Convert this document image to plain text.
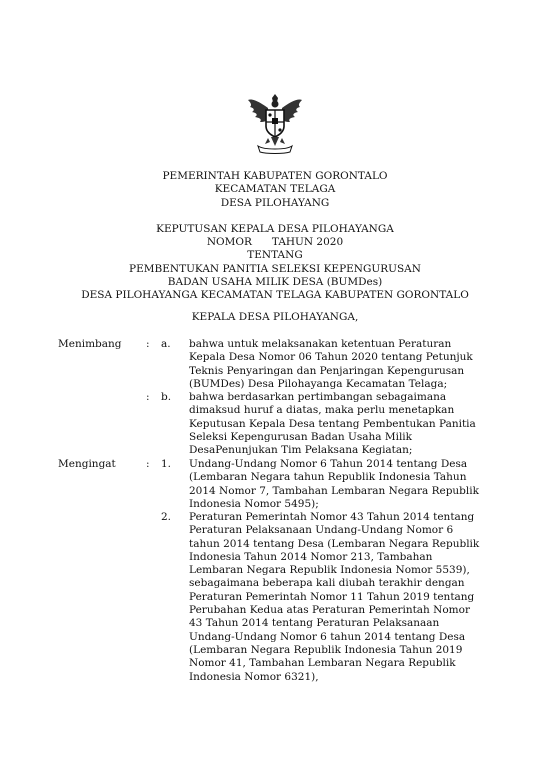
PEMERINTAH KABUPATEN GORONTALO
KECAMATAN TELAGA
DESA PILOHAYANG
KEPUTUSAN KEPALA DESA PILOHAYANGA
NOMOR TAHUN 2020
TENTANG
PEMBENTUKAN PANITIA SELEKSI KEPENGURUSAN
BADAN USAHA MILIK DESA (BUMDes)
DESA PILOHAYANGA KECAMATAN TELAGA KABUPATEN GORONTALO
KEPALA DESA PILOHAYANGA,
Menimbang : a. bahwa untuk melaksanakan ketentuan Peraturan
Kepala Desa Nomor 06 Tahun 2020 tentang Petunjuk
Teknis Penyaringan dan Penjaringan Kepengurusan
(BUMDes) Desa Pilohayanga Kecamatan Telaga;
: b. bahwa berdasarkan pertimbangan sebagaimana
dimaksud huruf a diatas, maka perlu menetapkan
Keputusan Kepala Desa tentang Pembentukan Panitia
Seleksi Kepengurusan Badan Usaha Milik
DesaPenunjukan Tim Pelaksana Kegiatan;
Mengingat	: 1. Undang-Undang Nomor 6 Tahun 2014 tentang Desa
(Lembaran Negara tahun Republik Indonesia Tahun
2014 Nomor 7, Tambahan Lembaran Negara Republik
Indonesia Nomor 5495);
2. Peraturan Pemerintah Nomor 43 Tahun 2014 tentang
Peraturan Pelaksanaan Undang-Undang Nomor 6
tahun 2014 tentang Desa (Lembaran Negara Republik
Indonesia Tahun 2014 Nomor 213, Tambahan
Lembaran Negara Republik Indonesia Nomor 5539),
sebagaimana beberapa kali diubah terakhir dengan
Peraturan Pemerintah Nomor 11 Tahun 2019 tentang
Perubahan Kedua atas Peraturan Pemerintah Nomor
43 Tahun 2014 tentang Peraturan Pelaksanaan
Undang-Undang Nomor 6 tahun 2014 tentang Desa
(Lembaran Negara Republik Indonesia Tahun 2019
Nomor 41, Tambahan Lembaran Negara Republik
Indonesia Nomor 6321),
